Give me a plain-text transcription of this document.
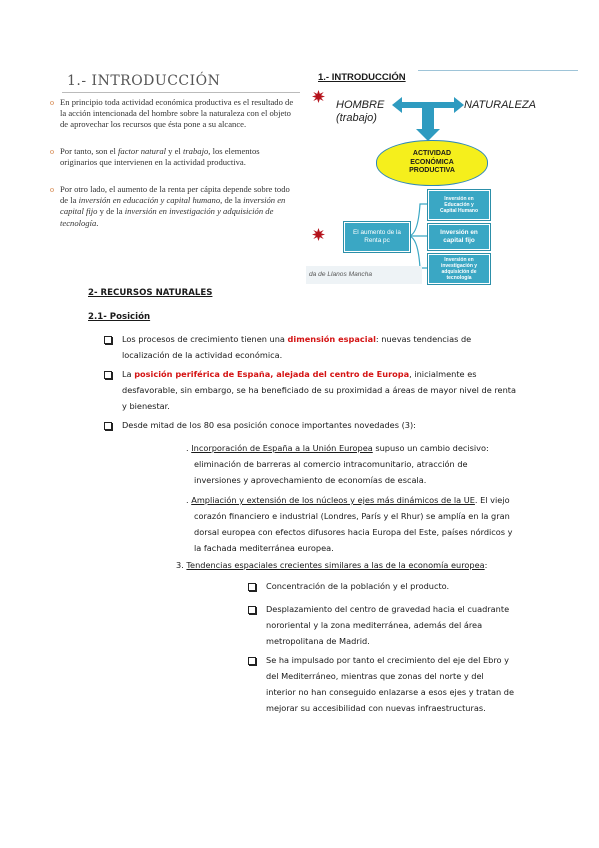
1.- INTRODUCCIÓN
o En principio toda actividad económica productiva es el resultado de
la acción intencionada del hombre sobre la naturaleza con el objeto
de aprovechar los recursos que ésta pone a su alcance.
o Por tanto, son el factor natural y el trabajo, los elementos
originarios que intervienen en la actividad productiva.
o Por otro lado, el aumento de la renta per cápita depende sobre todo
de la inversión en educación y capital humano, de la inversión en
capital fijo y de la inversión en investigación y adquisición de
tecnología.
1.- INTRODUCCIÓN
HOMBRE
(trabajo)
NATURALEZA
ACTIVIDAD
ECONÓMICA
PRODUCTIVA
El aumento de la
Renta pc
Inversión en
Educación y
Capital Humano
Inversión en
capital fijo
Inversión en
investigación y
adquisición de
tecnología
da de Llanos Mancha
2- RECURSOS NATURALES
2.1- Posición
Los procesos de crecimiento tienen una dimensión espacial: nuevas tendencias de
localización de la actividad económica.
La posición periférica de España, alejada del centro de Europa, inicialmente es
desfavorable, sin embargo, se ha beneficiado de su proximidad a áreas de mayor nivel de renta
y bienestar.
Desde mitad de los 80 esa posición conoce importantes novedades (3):
. Incorporación de España a la Unión Europea supuso un cambio decisivo:
eliminación de barreras al comercio intracomunitario, atracción de
inversiones y aprovechamiento de economías de escala.
. Ampliación y extensión de los núcleos y ejes más dinámicos de la UE. El viejo
corazón financiero e industrial (Londres, París y el Rhur) se amplía en la gran
dorsal europea con efectos difusores hacia Europa del Este, países nórdicos y
la fachada mediterránea europea.
3. Tendencias espaciales crecientes similares a las de la economía europea:
Concentración de la población y el producto.
Desplazamiento del centro de gravedad hacia el cuadrante
nororiental y la zona mediterránea, además del área
metropolitana de Madrid.
Se ha impulsado por tanto el crecimiento del eje del Ebro y
del Mediterráneo, mientras que zonas del norte y del
interior no han conseguido enlazarse a esos ejes y tratan de
mejorar su accesibilidad con nuevas infraestructuras.
